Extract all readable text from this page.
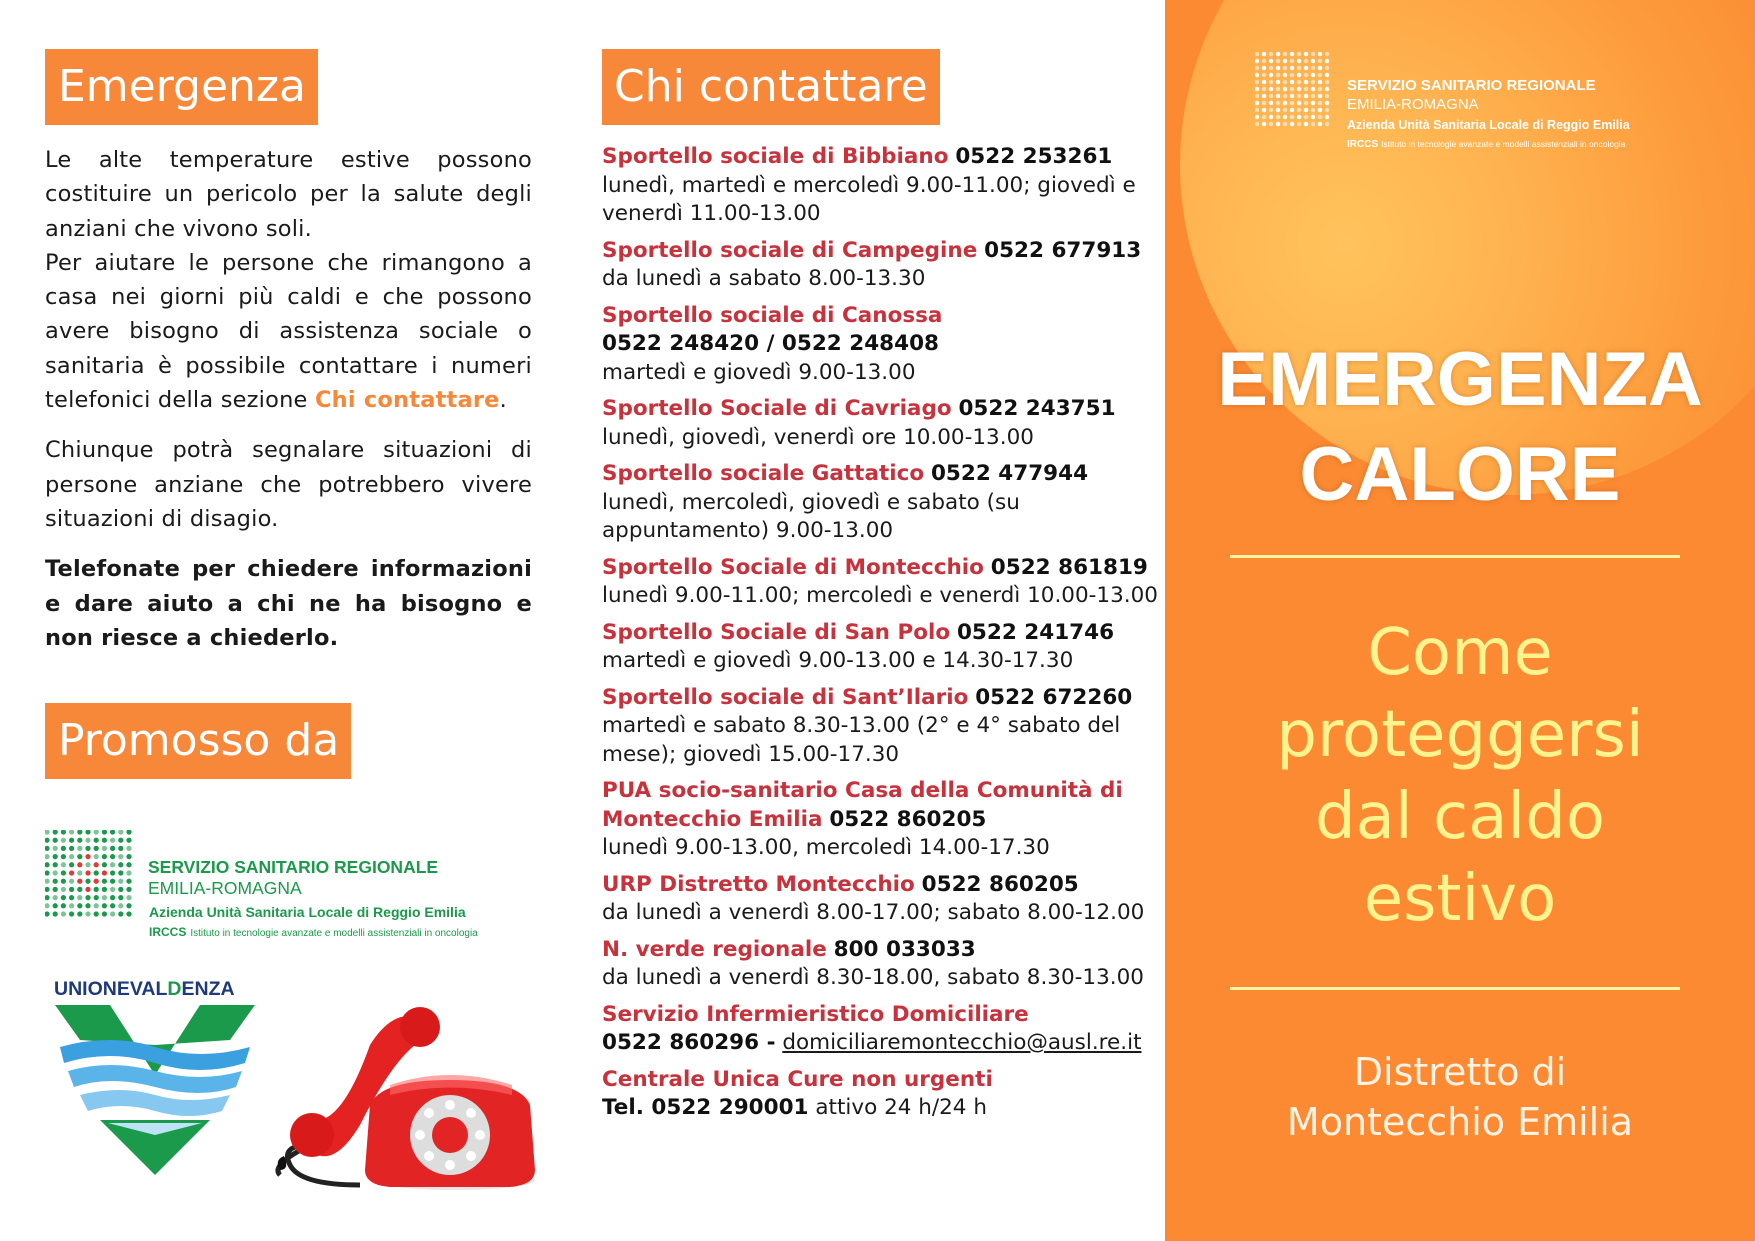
Emergenza

Le alte temperature estive possono costituire un pericolo per la salute degli anziani che vivono soli.

Per aiutare le persone che rimangono a casa nei giorni più caldi e che possono avere bisogno di assistenza sociale o sanitaria è possibile contattare i numeri telefonici della sezione Chi contattare.

Chiunque potrà segnalare situazioni di persone anziane che potrebbero vivere situazioni di disagio.

Telefonate per chiedere informazioni e dare aiuto a chi ne ha bisogno e non riesce a chiederlo.

Promosso da
SERVIZIO SANITARIO REGIONALE
EMILIA-ROMAGNA
Azienda Unità Sanitaria Locale di Reggio Emilia
IRCCS Istituto in tecnologie avanzate e modelli assistenziali in oncologia
UNIONEVALDENZA
Chi contattare

Sportello sociale di Bibbiano 0522 253261
lunedì, martedì e mercoledì 9.00-11.00; giovedì e venerdì 11.00-13.00

Sportello sociale di Campegine 0522 677913
da lunedì a sabato 8.00-13.30

Sportello sociale di Canossa
0522 248420 / 0522 248408
martedì e giovedì 9.00-13.00

Sportello Sociale di Cavriago 0522 243751
lunedì, giovedì, venerdì ore 10.00-13.00

Sportello sociale Gattatico 0522 477944
lunedì, mercoledì, giovedì e sabato (su appuntamento) 9.00-13.00

Sportello Sociale di Montecchio 0522 861819
lunedì 9.00-11.00; mercoledì e venerdì 10.00-13.00

Sportello Sociale di San Polo 0522 241746
martedì e giovedì 9.00-13.00 e 14.30-17.30

Sportello sociale di Sant’Ilario 0522 672260
martedì e sabato 8.30-13.00 (2° e 4° sabato del mese); giovedì 15.00-17.30

PUA socio-sanitario Casa della Comunità di Montecchio Emilia 0522 860205
lunedì 9.00-13.00, mercoledì 14.00-17.30

URP Distretto Montecchio 0522 860205
da lunedì a venerdì 8.00-17.00; sabato 8.00-12.00

N. verde regionale 800 033033
da lunedì a venerdì 8.30-18.00, sabato 8.30-13.00

Servizio Infermieristico Domiciliare
0522 860296 - domiciliaremontecchio@ausl.re.it

Centrale Unica Cure non urgenti
Tel. 0522 290001 attivo 24 h/24 h

SERVIZIO SANITARIO REGIONALE
EMILIA-ROMAGNA
Azienda Unità Sanitaria Locale di Reggio Emilia
IRCCS Istituto in tecnologie avanzate e modelli assistenziali in oncologia
EMERGENZA
CALORE
Come
proteggersi
dal caldo
estivo
Distretto di
Montecchio Emilia
